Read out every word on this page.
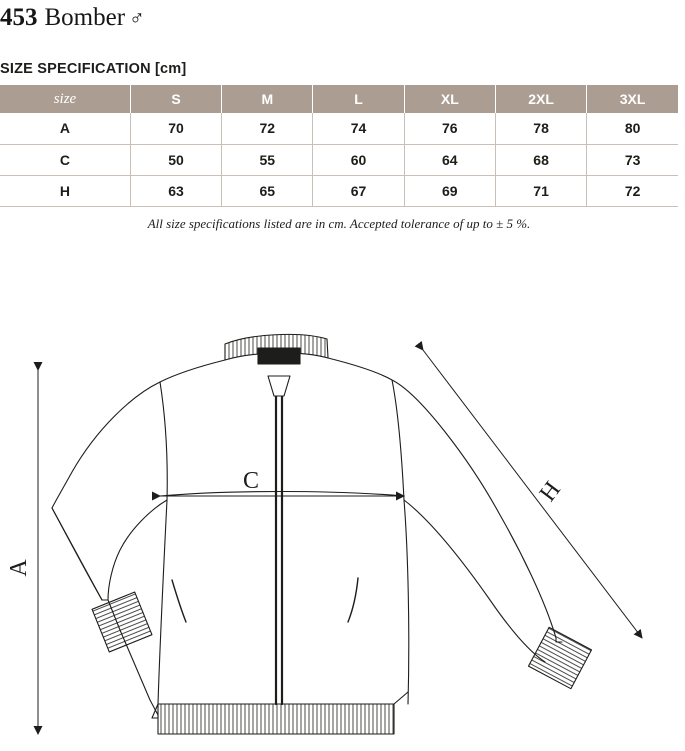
453 Bomber ♂
SIZE SPECIFICATION [cm]
size	S	M	L	XL	2XL	3XL
A	70	72	74	76	78	80
C	50	55	60	64	68	73
H	63	65	67	69	71	72
All size specifications listed are in cm. Accepted tolerance of up to ± 5 %.
A
C	H
